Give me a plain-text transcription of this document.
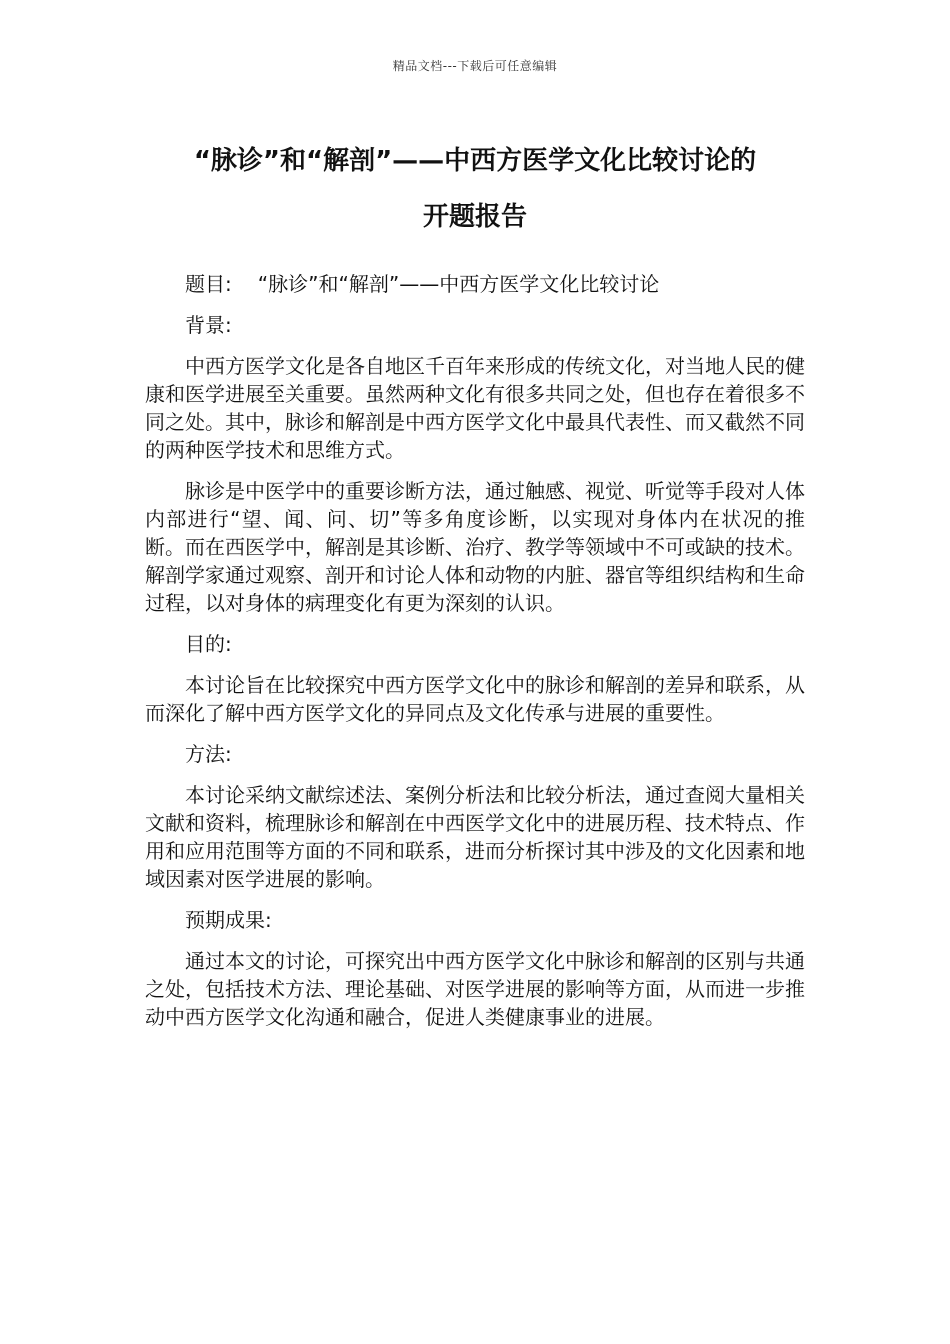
精品文档---下载后可任意编辑
“脉诊”和“解剖”——中西方医学文化比较讨论的
开题报告
题目: “脉诊”和“解剖”——中西方医学文化比较讨论

背景:

中西方医学文化是各自地区千百年来形成的传统文化，对当地人民的健康和医学进展至关重要。虽然两种文化有很多共同之处，但也存在着很多不同之处。其中，脉诊和解剖是中西方医学文化中最具代表性、而又截然不同的两种医学技术和思维方式。

脉诊是中医学中的重要诊断方法，通过触感、视觉、听觉等手段对人体内部进行“望、闻、问、切”等多角度诊断，以实现对身体内在状况的推断。而在西医学中，解剖是其诊断、治疗、教学等领域中不可或缺的技术。解剖学家通过观察、剖开和讨论人体和动物的内脏、器官等组织结构和生命过程，以对身体的病理变化有更为深刻的认识。

目的:

本讨论旨在比较探究中西方医学文化中的脉诊和解剖的差异和联系，从而深化了解中西方医学文化的异同点及文化传承与进展的重要性。

方法:

本讨论采纳文献综述法、案例分析法和比较分析法，通过查阅大量相关文献和资料，梳理脉诊和解剖在中西医学文化中的进展历程、技术特点、作用和应用范围等方面的不同和联系，进而分析探讨其中涉及的文化因素和地域因素对医学进展的影响。

预期成果:

通过本文的讨论，可探究出中西方医学文化中脉诊和解剖的区别与共通之处，包括技术方法、理论基础、对医学进展的影响等方面，从而进一步推动中西方医学文化沟通和融合，促进人类健康事业的进展。
